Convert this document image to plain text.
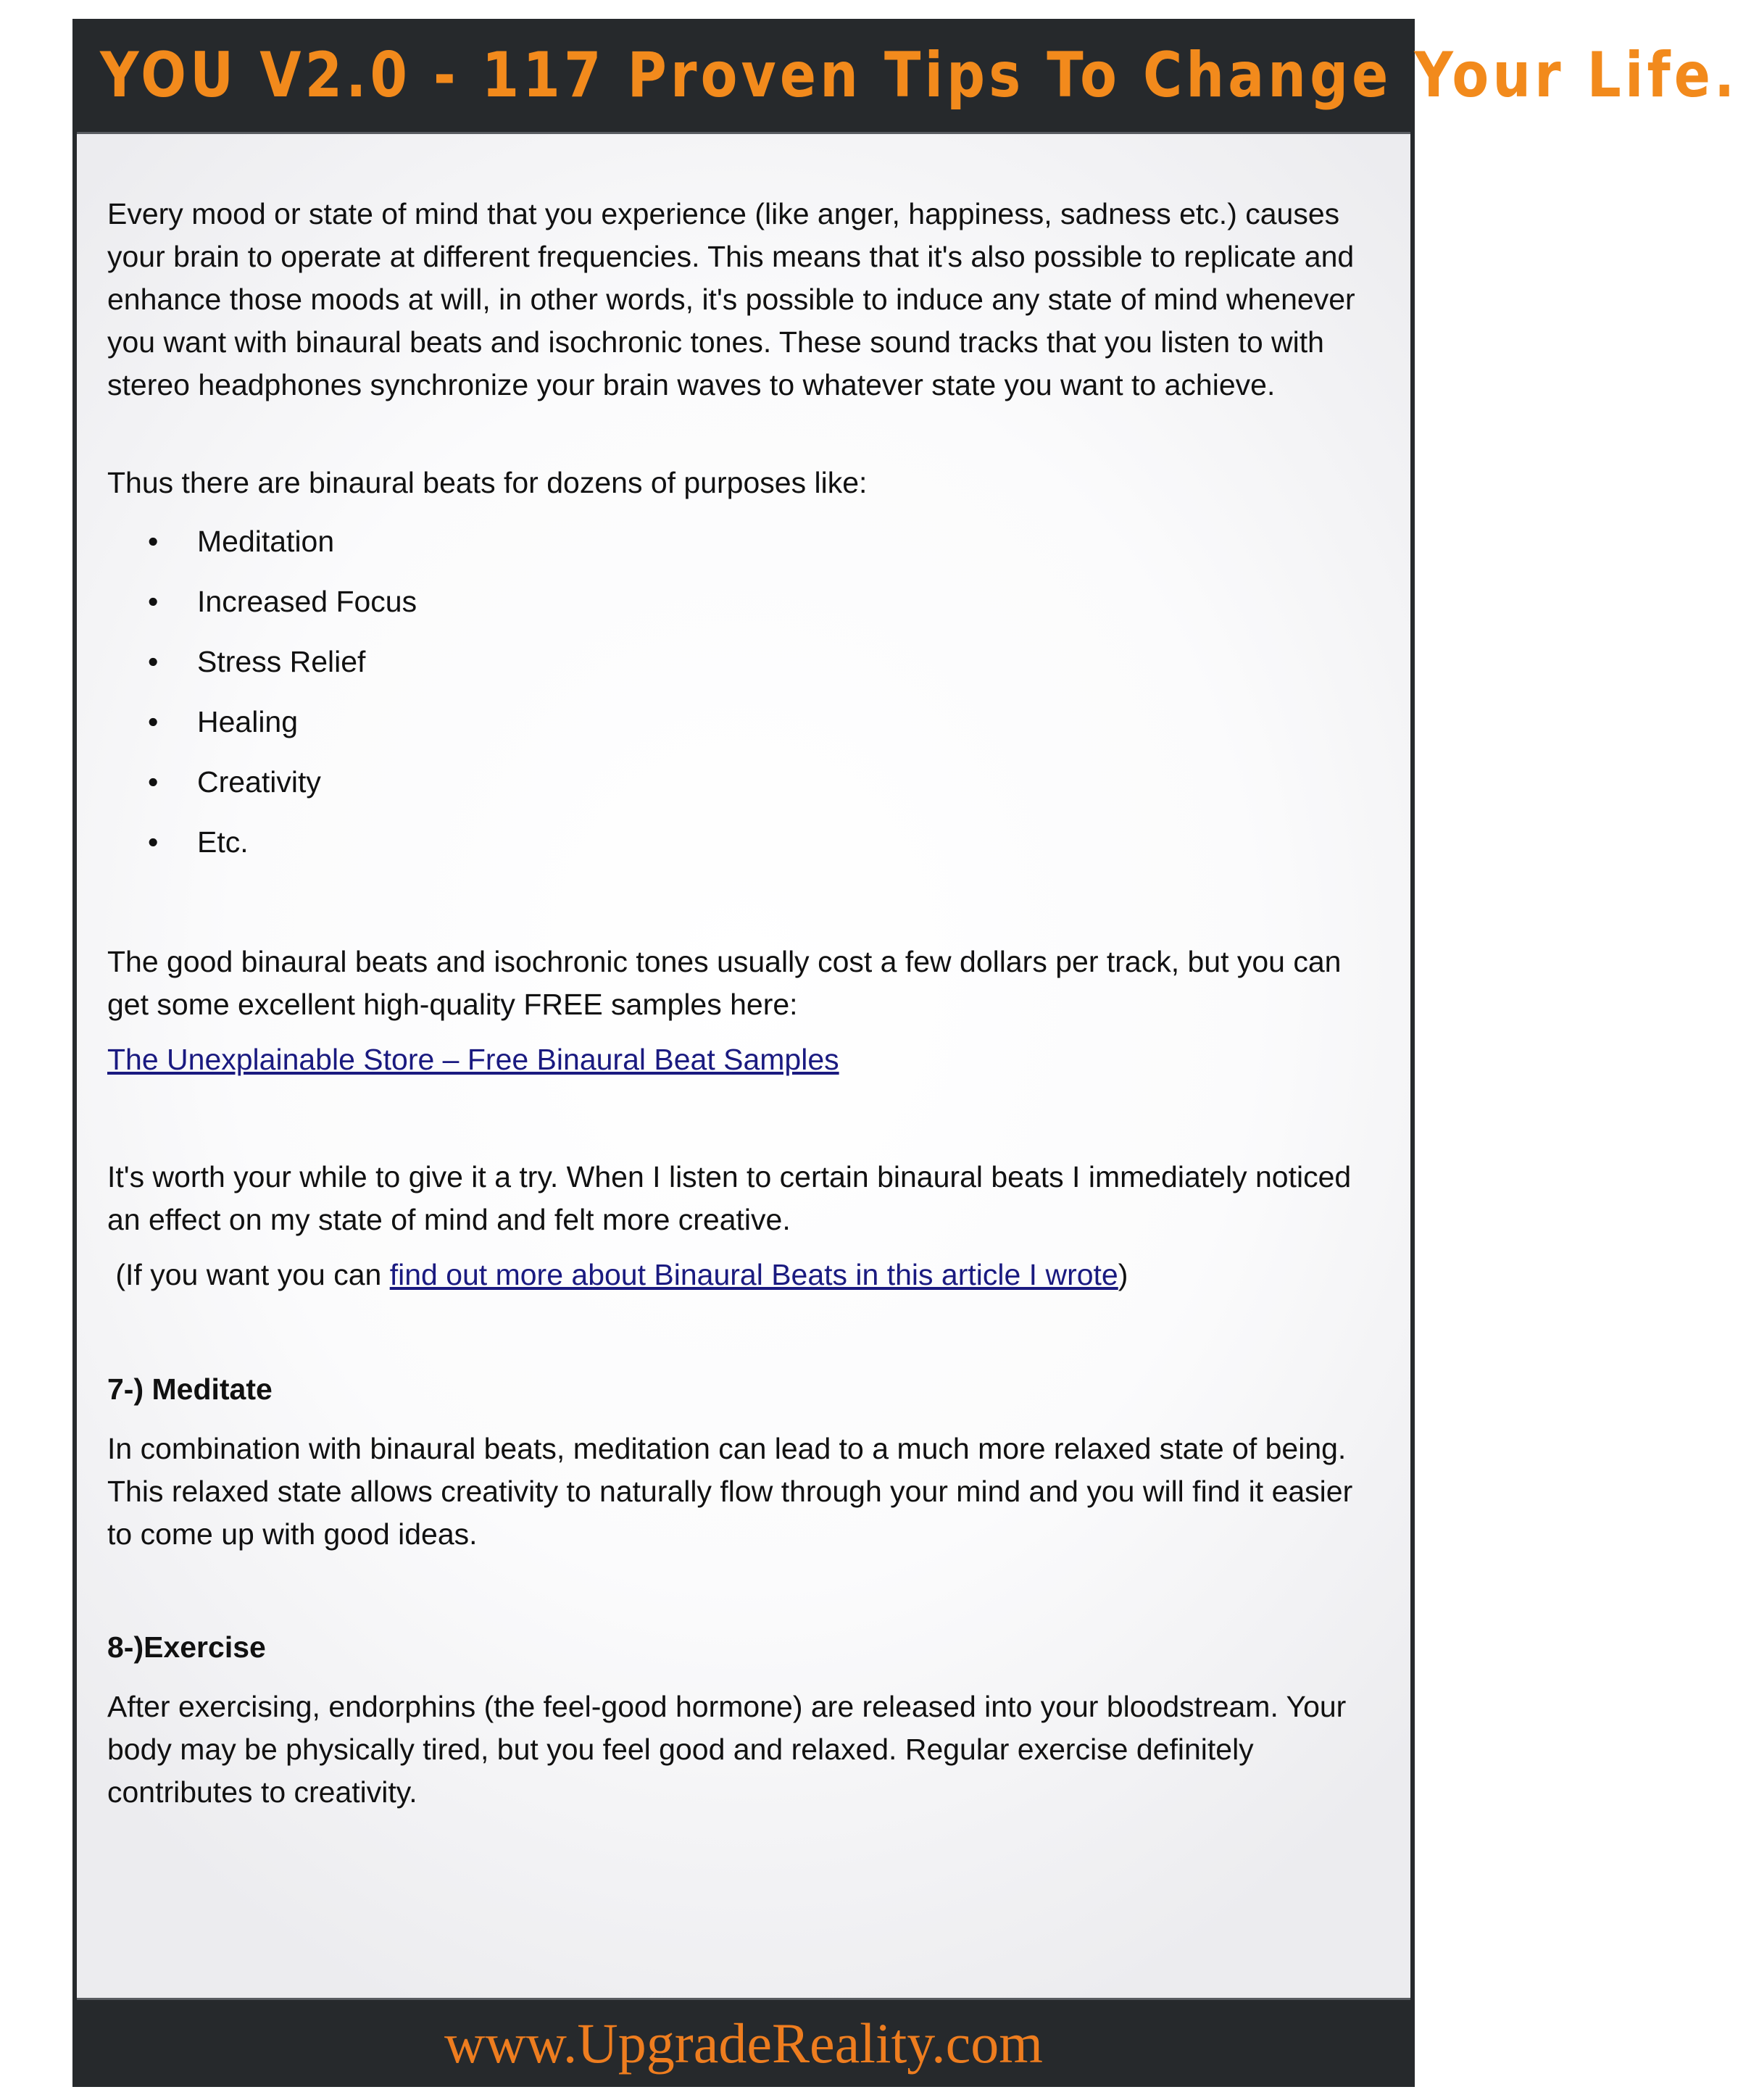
YOU V2.0 - 117 Proven Tips To Change Your Life.
www.UpgradeReality.com

Every mood or state of mind that you experience (like anger, happiness, sadness etc.) causes your brain to operate at different frequencies. This means that it's also possible to replicate and enhance those moods at will, in other words, it's possible to induce any state of mind whenever you want with binaural beats and isochronic tones. These sound tracks that you listen to with stereo headphones synchronize your brain waves to whatever state you want to achieve.

Thus there are binaural beats for dozens of purposes like:

• Meditation
• Increased Focus
• Stress Relief
• Healing
• Creativity
• Etc.

The good binaural beats and isochronic tones usually cost a few dollars per track, but you can get some excellent high-quality FREE samples here:

The Unexplainable Store – Free Binaural Beat Samples

It's worth your while to give it a try. When I listen to certain binaural beats I immediately noticed an effect on my state of mind and felt more creative.

(If you want you can find out more about Binaural Beats in this article I wrote)

7-) Meditate

In combination with binaural beats, meditation can lead to a much more relaxed state of being. This relaxed state allows creativity to naturally flow through your mind and you will find it easier to come up with good ideas.

8-)Exercise

After exercising, endorphins (the feel-good hormone) are released into your bloodstream. Your body may be physically tired, but you feel good and relaxed. Regular exercise definitely contributes to creativity.
